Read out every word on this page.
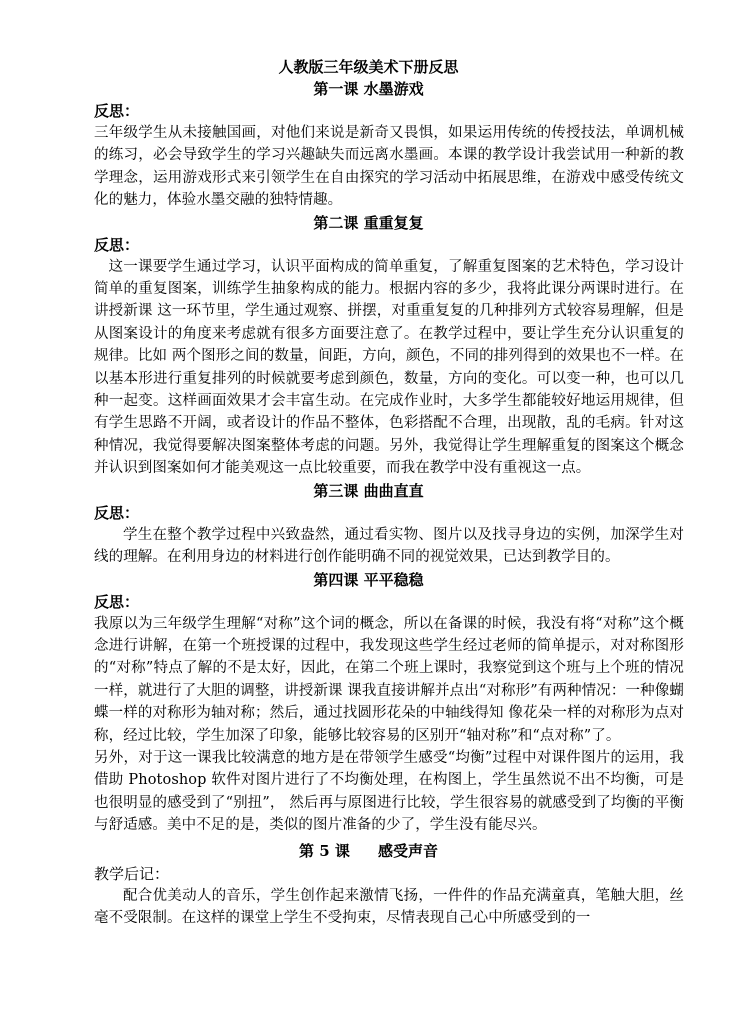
人教版三年级美术下册反思

第一课 水墨游戏

反思：

三年级学生从未接触国画，对他们来说是新奇又畏惧，如果运用传统的传授技法，单调机械的练习，必会导致学生的学习兴趣缺失而远离水墨画。本课的教学设计我尝试用一种新的教学理念，运用游戏形式来引领学生在自由探究的学习活动中拓展思维，在游戏中感受传统文化的魅力，体验水墨交融的独特情趣。

第二课 重重复复

反思：

这一课要学生通过学习，认识平面构成的简单重复，了解重复图案的艺术特色，学习设计简单的重复图案，训练学生抽象构成的能力。根据内容的多少，我将此课分两课时进行。在讲授新课 这一环节里，学生通过观察、拼摆，对重重复复的几种排列方式较容易理解，但是从图案设计的角度来考虑就有很多方面要注意了。在教学过程中，要让学生充分认识重复的规律。比如 两个图形之间的数量，间距，方向，颜色，不同的排列得到的效果也不一样。在以基本形进行重复排列的时候就要考虑到颜色，数量，方向的变化。可以变一种，也可以几种一起变。这样画面效果才会丰富生动。在完成作业时，大多学生都能较好地运用规律，但有学生思路不开阔，或者设计的作品不整体，色彩搭配不合理，出现散，乱的毛病。针对这种情况，我觉得要解决图案整体考虑的问题。另外，我觉得让学生理解重复的图案这个概念并认识到图案如何才能美观这一点比较重要，而我在教学中没有重视这一点。

第三课 曲曲直直

反思：

学生在整个教学过程中兴致盎然，通过看实物、图片以及找寻身边的实例，加深学生对线的理解。在利用身边的材料进行创作能明确不同的视觉效果，已达到教学目的。

第四课 平平稳稳

反思：

我原以为三年级学生理解“对称”这个词的概念，所以在备课的时候，我没有将“对称”这个概念进行讲解，在第一个班授课的过程中，我发现这些学生经过老师的简单提示，对对称图形的“对称”特点了解的不是太好，因此，在第二个班上课时，我察觉到这个班与上个班的情况一样，就进行了大胆的调整，讲授新课 课我直接讲解并点出“对称形”有两种情况：一种像蝴蝶一样的对称形为轴对称；然后，通过找圆形花朵的中轴线得知 像花朵一样的对称形为点对称，经过比较，学生加深了印象，能够比较容易的区别开“轴对称”和“点对称”了。

另外，对于这一课我比较满意的地方是在带领学生感受“均衡”过程中对课件图片的运用，我借助 Photoshop 软件对图片进行了不均衡处理，在构图上，学生虽然说不出不均衡，可是也很明显的感受到了“别扭”， 然后再与原图进行比较，学生很容易的就感受到了均衡的平衡与舒适感。美中不足的是，类似的图片准备的少了，学生没有能尽兴。

第 5 课 感受声音

教学后记：

配合优美动人的音乐，学生创作起来激情飞扬，一件件的作品充满童真，笔触大胆，丝毫不受限制。在这样的课堂上学生不受拘束，尽情表现自己心中所感受到的一
